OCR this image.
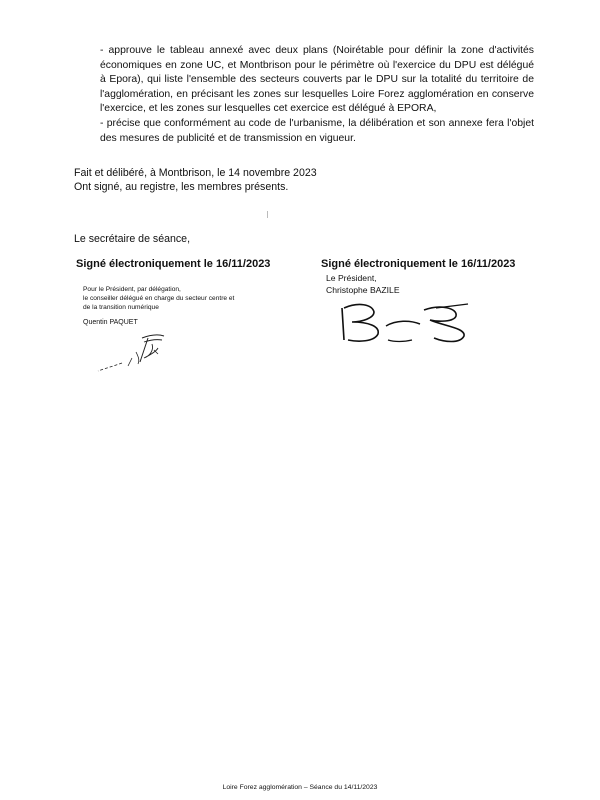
- approuve le tableau annexé avec deux plans (Noirétable pour définir la zone d'activités économiques en zone UC, et Montbrison pour le périmètre où l'exercice du DPU est délégué à Epora), qui liste l'ensemble des secteurs couverts par le DPU sur la totalité du territoire de l'agglomération, en précisant les zones sur lesquelles Loire Forez agglomération en conserve l'exercice, et les zones sur lesquelles cet exercice est délégué à EPORA,
- précise que conformément au code de l'urbanisme, la délibération et son annexe fera l'objet des mesures de publicité et de transmission en vigueur.
Fait et délibéré, à Montbrison, le 14 novembre 2023
Ont signé, au registre, les membres présents.
Le secrétaire de séance,
Signé électroniquement le 16/11/2023	Signé électroniquement le 16/11/2023
Le Président,
Christophe BAZILE
Pour le Président, par délégation,
le conseiller délégué en charge du secteur centre et
de la transition numérique
Quentin PAQUET
Loire Forez agglomération – Séance du 14/11/2023
